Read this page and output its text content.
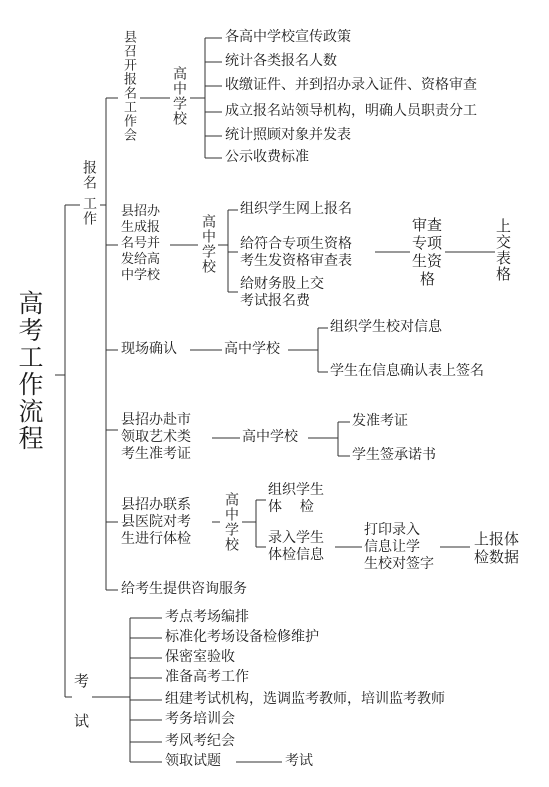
高考工作流程
报名
工作
县召开报名工作会	高中学校
各高中学校宣传政策
统计各类报名人数
收缴证件、并到招办录入证件、资格审查
成立报名站领导机构，明确人员职责分工
统计照顾对象并发表
公示收费标准
县招办
生成报
名号并
发给高
中学校
高中学校
组织学生网上报名
给符合专项生资格
考生发资格审查表
给财务股上交
考试报名费
审查
专项
生资
格	上交表格
现场确认	高中学校
组织学生校对信息
学生在信息确认表上签名
县招办赴市
领取艺术类
考生准考证
高中学校
发准考证
学生签承诺书
县招办联系
县医院对考
生进行体检 高中学校
组织学生
体    检
录入学生
体检信息
打印录入
信息让学
生校对签字
上报体
检数据
给考生提供咨询服务
考
试
考点考场编排
标准化考场设备检修维护
保密室验收
准备高考工作
组建考试机构，选调监考教师，培训监考教师
考务培训会
考风考纪会
领取试题	考试
